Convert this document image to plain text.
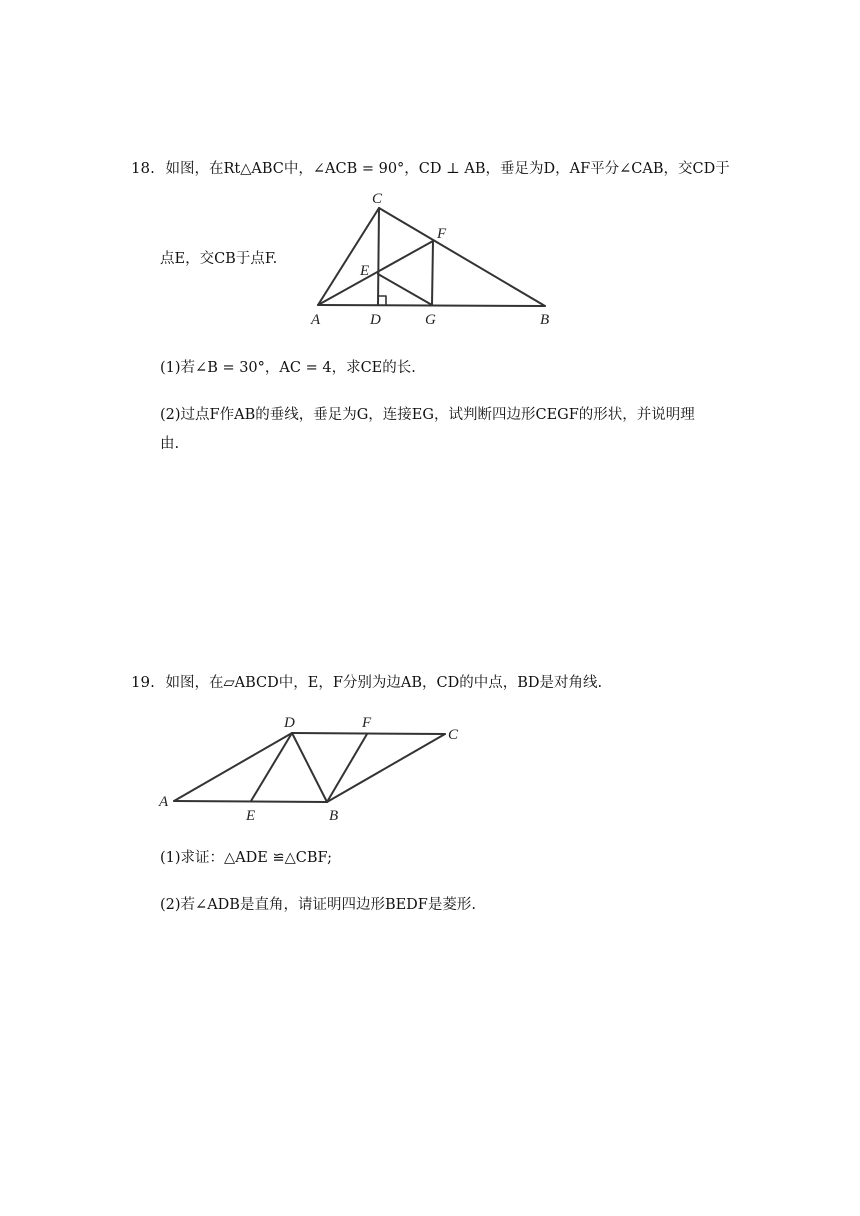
18. 如图，在Rt△ABC中，∠ACB = 90°，CD ⊥ AB，垂足为D，AF平分∠CAB，交CD于
点E，交CB于点F.
C
F
E
A	D	G	B
(1)若∠B = 30°，AC = 4，求CE的长.
(2)过点F作AB的垂线，垂足为G，连接EG，试判断四边形CEGF的形状，并说明理
由.
19. 如图，在▱ABCD中，E，F分别为边AB，CD的中点，BD是对角线.
D	F
C
A
E	B
(1)求证：△ADE ≌△CBF;
(2)若∠ADB是直角，请证明四边形BEDF是菱形.
